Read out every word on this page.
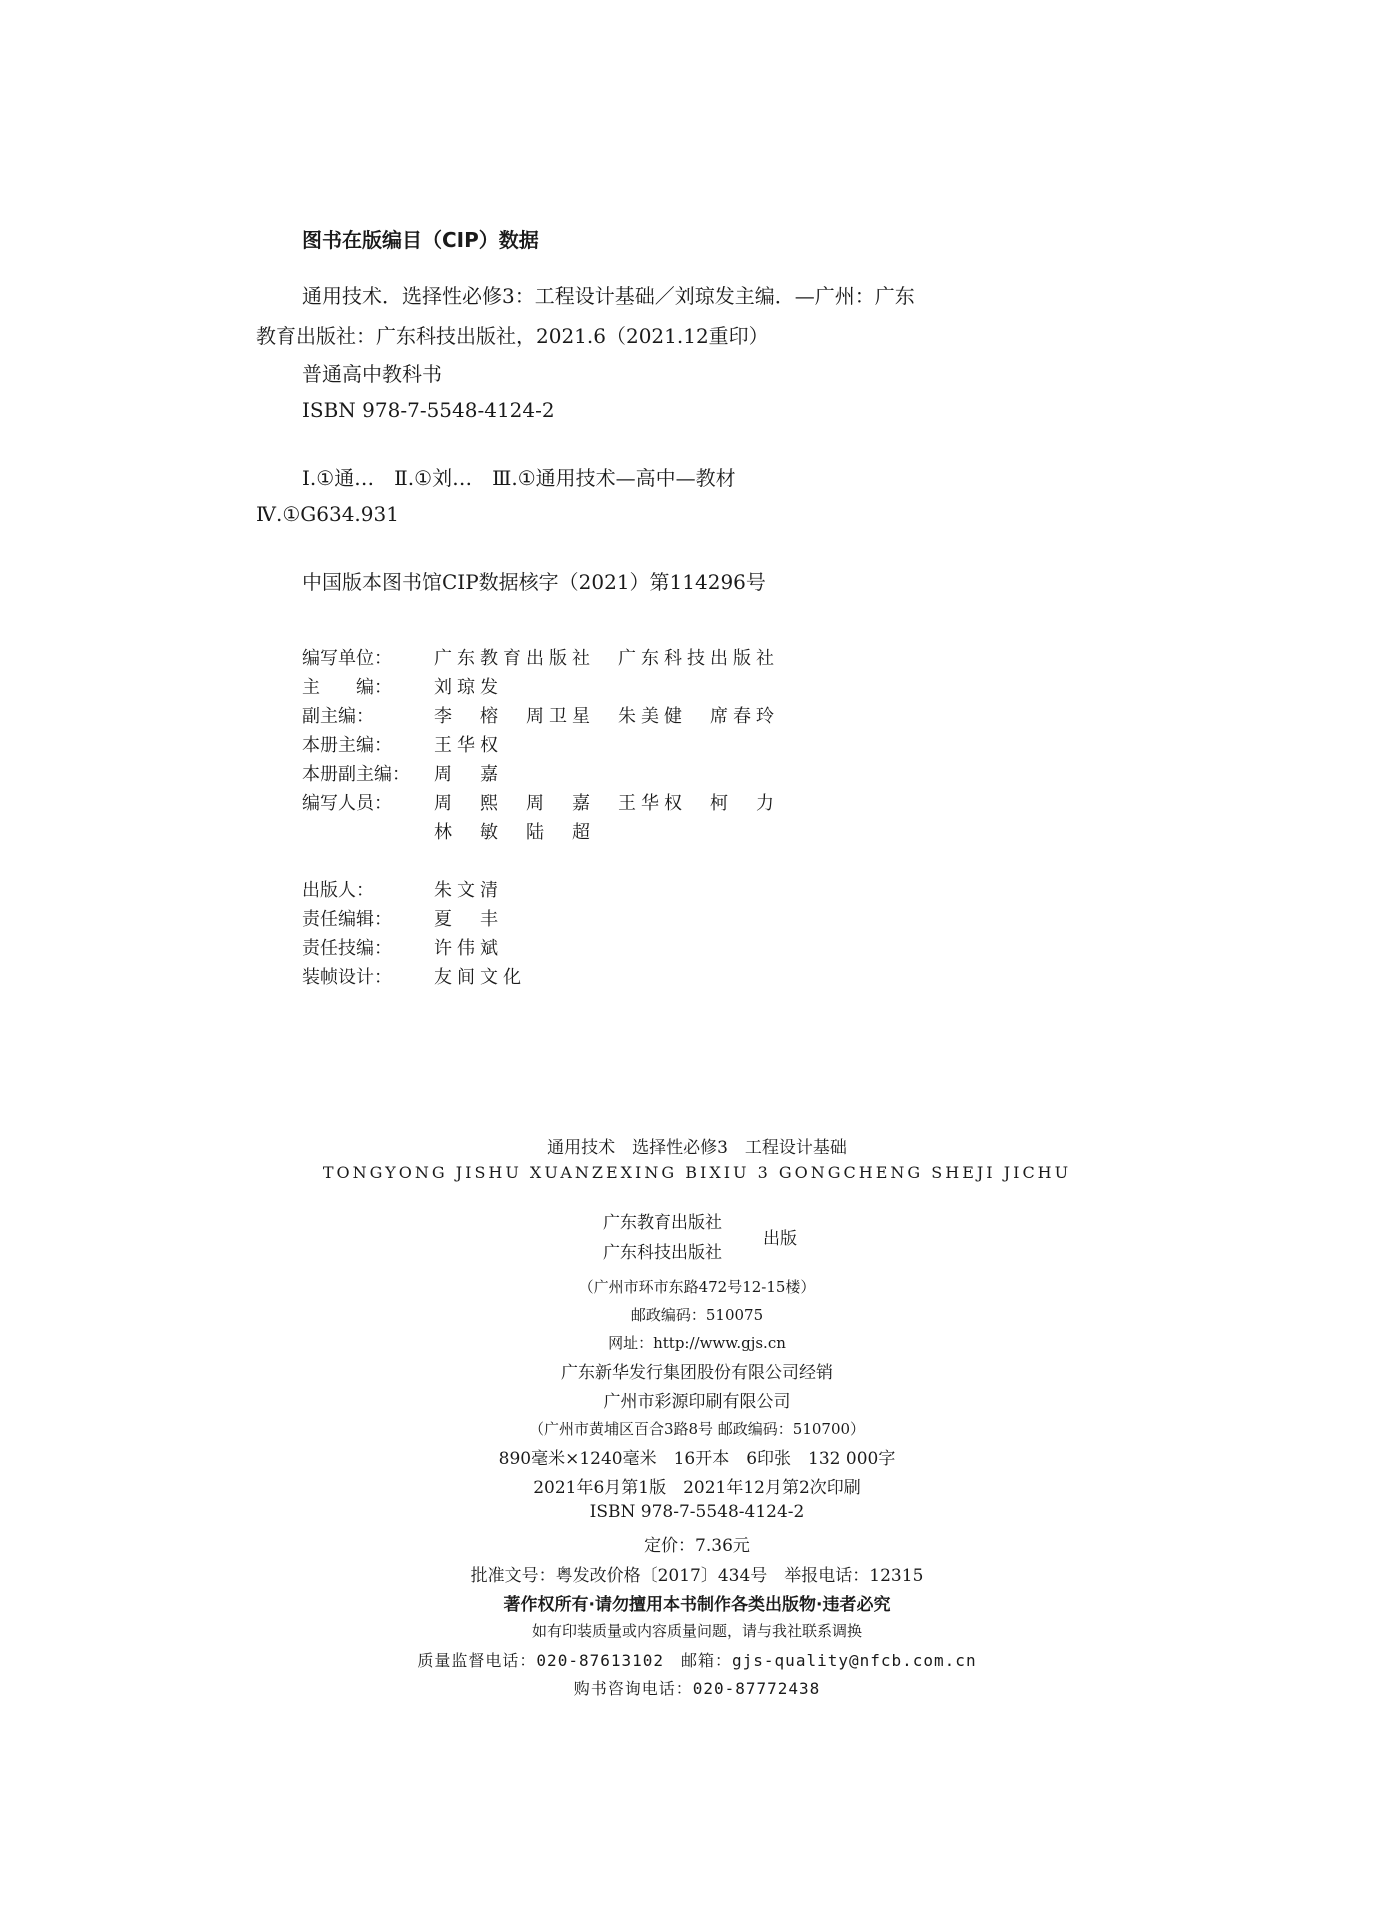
图书在版编目（CIP）数据
通用技术．选择性必修3：工程设计基础／刘琼发主编．—广州：广东
教育出版社：广东科技出版社，2021.6（2021.12重印）
普通高中教科书
ISBN 978-7-5548-4124-2
Ⅰ.①通…　Ⅱ.①刘…　Ⅲ.①通用技术—高中—教材
Ⅳ.①G634.931
中国版本图书馆CIP数据核字（2021）第114296号
编写单位：	广东教育出版社　广东科技出版社
主　　编：	刘琼发
副主编：	李　榕　周卫星　朱美健　席春玲
本册主编：	王华权
本册副主编：	周　嘉
编写人员：	周　熙　周　嘉　王华权　柯　力
林　敏　陆　超
出版人：	朱文清
责任编辑：	夏　丰
责任技编：	许伟斌
装帧设计：	友间文化
通用技术　选择性必修3　工程设计基础
TONGYONG JISHU XUANZEXING BIXIU 3 GONGCHENG SHEJI JICHU
广东教育出版社
广东科技出版社
出版
（广州市环市东路472号12-15楼）
邮政编码：510075
网址：http://www.gjs.cn
广东新华发行集团股份有限公司经销
广州市彩源印刷有限公司
（广州市黄埔区百合3路8号 邮政编码：510700）
890毫米×1240毫米　16开本　6印张　132 000字
2021年6月第1版　2021年12月第2次印刷
ISBN 978-7-5548-4124-2
定价：7.36元
批准文号：粤发改价格〔2017〕434号　举报电话：12315
著作权所有·请勿擅用本书制作各类出版物·违者必究
如有印装质量或内容质量问题，请与我社联系调换
质量监督电话：020-87613102　邮箱：gjs-quality@nfcb.com.cn
购书咨询电话：020-87772438
